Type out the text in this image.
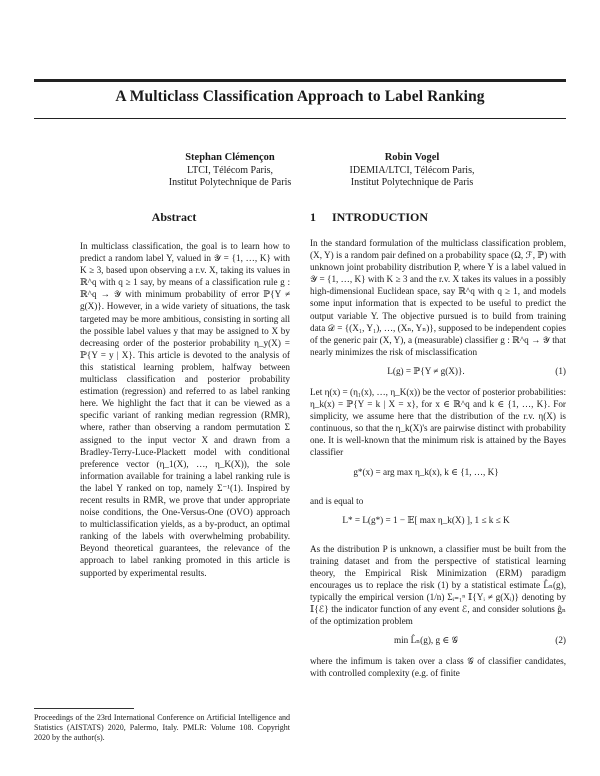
A Multiclass Classification Approach to Label Ranking
Stephan Clémençon
LTCI, Télécom Paris,
Institut Polytechnique de Paris
Robin Vogel
IDEMIA/LTCI, Télécom Paris,
Institut Polytechnique de Paris
Abstract

In multiclass classification, the goal is to learn how to predict a random label Y, valued in 𝒴 = {1, …, K} with K ≥ 3, based upon observing a r.v. X, taking its values in ℝ^q with q ≥ 1 say, by means of a classification rule g : ℝ^q → 𝒴 with minimum probability of error ℙ{Y ≠ g(X)}. However, in a wide variety of situations, the task targeted may be more ambitious, consisting in sorting all the possible label values y that may be assigned to X by decreasing order of the posterior probability η_y(X) = ℙ{Y = y | X}. This article is devoted to the analysis of this statistical learning problem, halfway between multiclass classification and posterior probability estimation (regression) and referred to as label ranking here. We highlight the fact that it can be viewed as a specific variant of ranking median regression (RMR), where, rather than observing a random permutation Σ assigned to the input vector X and drawn from a Bradley-Terry-Luce-Plackett model with conditional preference vector (η_1(X), …, η_K(X)), the sole information available for training a label ranking rule is the label Y ranked on top, namely Σ⁻¹(1). Inspired by recent results in RMR, we prove that under appropriate noise conditions, the One-Versus-One (OVO) approach to multiclassification yields, as a by-product, an optimal ranking of the labels with overwhelming probability. Beyond theoretical guarantees, the relevance of the approach to label ranking promoted in this article is supported by experimental results.

1 INTRODUCTION

In the standard formulation of the multiclass classification problem, (X, Y) is a random pair defined on a probability space (Ω, ℱ, ℙ) with unknown joint probability distribution P, where Y is a label valued in 𝒴 = {1, …, K} with K ≥ 3 and the r.v. X takes its values in a possibly high-dimensional Euclidean space, say ℝ^q with q ≥ 1, and models some input information that is expected to be useful to predict the output variable Y. The objective pursued is to build from training data 𝒟 = {(X₁, Y₁), …, (Xₙ, Yₙ)}, supposed to be independent copies of the generic pair (X, Y), a (measurable) classifier g : ℝ^q → 𝒴 that nearly minimizes the risk of misclassification

L(g) = ℙ{Y ≠ g(X)}.	(1)

Let η(x) = (η₁(x), …, η_K(x)) be the vector of posterior probabilities: η_k(x) = ℙ{Y = k | X = x}, for x ∈ ℝ^q and k ∈ {1, …, K}. For simplicity, we assume here that the distribution of the r.v. η(X) is continuous, so that the η_k(X)'s are pairwise distinct with probability one. It is well-known that the minimum risk is attained by the Bayes classifier

g*(x) = arg max η_k(x), k ∈ {1, …, K}

and is equal to

L* = L(g*) = 1 − 𝔼[ max η_k(X) ], 1 ≤ k ≤ K

As the distribution P is unknown, a classifier must be built from the training dataset and from the perspective of statistical learning theory, the Empirical Risk Minimization (ERM) paradigm encourages us to replace the risk (1) by a statistical estimate L̂ₙ(g), typically the empirical version (1/n) Σᵢ₌₁ⁿ 𝕀{Yᵢ ≠ g(Xᵢ)} denoting by 𝕀{ℰ} the indicator function of any event ℰ, and consider solutions ĝₙ of the optimization problem

min L̂ₙ(g), g ∈ 𝒢	(2)

where the infimum is taken over a class 𝒢 of classifier candidates, with controlled complexity (e.g. of finite

Proceedings of the 23rd International Conference on Artificial Intelligence and Statistics (AISTATS) 2020, Palermo, Italy. PMLR: Volume 108. Copyright 2020 by the author(s).
